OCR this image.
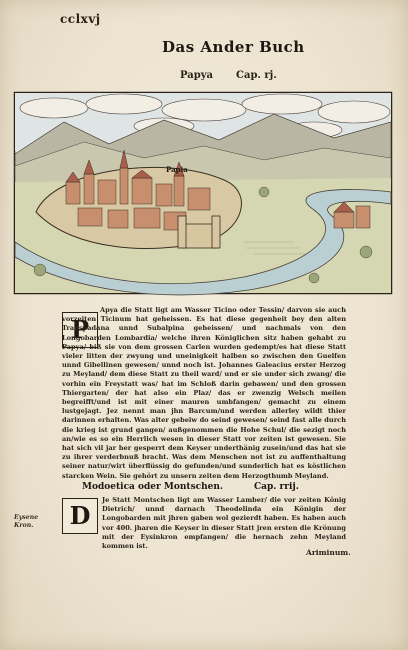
cclxvj
Das Ander Buch
Papya Cap. rj.
Papia
P
Apya die Statt ligt am Wasser Ticino oder Tessin/ darvon sie auch vorzeiten Ticinum hat geheissen. Es hat diese gegenheit bey den alten Transpadana unnd Subalpina geheissen/ und nachmals von den Longobarden Lombardia/ welche ihren Königlichen sitz haben gehabt zu Papya/ biß sie von dem grossen Carlen wurden gedempt/es hat diese Statt vieler litten der zwyung und uneinigkeit halben so zwischen den Guelfen unnd Gibellinen gewesen/ unnd noch ist. Johannes Galeacius erster Herzog zu Meyland/ dem diese Statt zu theil ward/ und er sie under sich zwang/ die vorhin ein Freystatt was/ hat im Schloß darin gebawen/ und den grossen Thiergarten/ der hat also ein Plaz/ das er zwenzig Welsch meilen begreifft/und ist mit einer mauren umbfangen/ gemacht zu einem lustgejagt. Jez nennt man jhn Barcum/und werden allerley wildt thier darinnen erhalten. Was alter gebeiw do seind gewesen/ seind fast alle durch die krieg ist grund gangen/ außgenommen die Hohe Schul/ die sezigt noch an/wie es so ein Herrlich wesen in dieser Statt vor zeiten ist gewesen. Sie hat sich vil jar her gesperrt dem Keyser underthänig zusein/und das hat sie zu ihrer verderbnuß bracht. Was dem Menschen not ist zu auffenthaltung seiner natur/wirt überflüssig do gefunden/und sunderlich hat es köstlichen starcken Wein. Sie gehört zu unsern zeiten dem Herzogthumb Meyland.
Modoetica oder Montschen.	Cap. rrij.
D
Je Statt Montschen ligt am Wasser Lamber/ die vor zeiten König Dietrich/ unnd darnach Theodelinda ein Königin der Longobarden mit jhren gaben wol gezierdt haben. Es haben auch vor 400. jharen die Keyser in dieser Statt jren ersten die Krönung mit der Eysinkron empfangen/ die hernach zehn Meyland kommen ist.
Eysene Kron.
Ariminum.
